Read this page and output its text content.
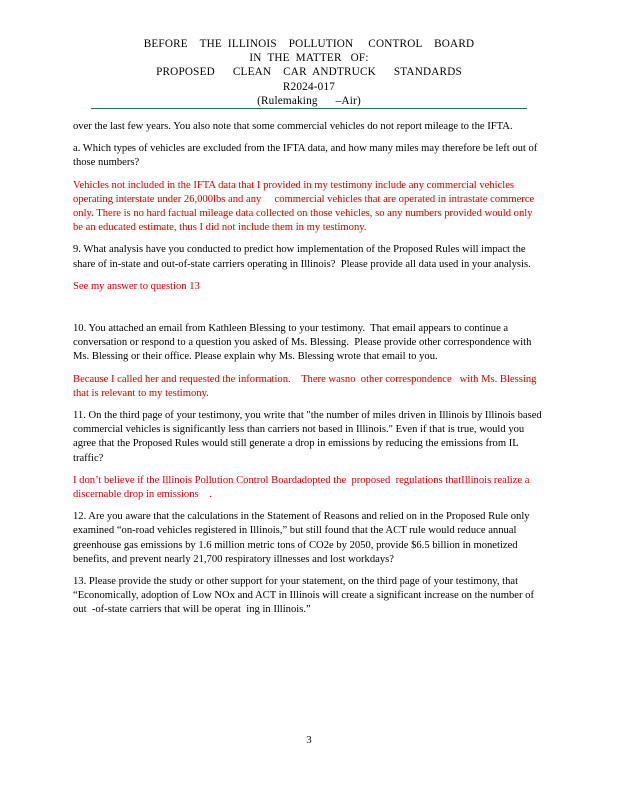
BEFORE    THE  ILLINOIS    POLLUTION     CONTROL    BOARD
IN  THE  MATTER   OF:
PROPOSED      CLEAN    CAR  ANDTRUCK      STANDARDS
R2024-017
(Rulemaking      –Air)

over the last few years. You also note that some commercial vehicles do not report mileage to the IFTA.

a. Which types of vehicles are excluded from the IFTA data, and how many miles may therefore be left out of those numbers?

Vehicles not included in the IFTA data that I provided in my testimony include any commercial vehicles operating interstate under 26,000lbs and any     commercial vehicles that are operated in intrastate commerce only. There is no hard factual mileage data collected on those vehicles, so any numbers provided would only be an educated estimate, thus I did not include them in my testimony.

9. What analysis have you conducted to predict how implementation of the Proposed Rules will impact the share of in-state and out-of-state carriers operating in Illinois?  Please provide all data used in your analysis.

See my answer to question 13

10. You attached an email from Kathleen Blessing to your testimony.  That email appears to continue a conversation or respond to a question you asked of Ms. Blessing.  Please provide other correspondence with Ms. Blessing or their office. Please explain why Ms. Blessing wrote that email to you.

Because I called her and requested the information.    There wasno  other correspondence   with Ms. Blessing that is relevant to my testimony.

11. On the third page of your testimony, you write that "the number of miles driven in Illinois by Illinois based commercial vehicles is significantly less than carriers not based in Illinois." Even if that is true, would you agree that the Proposed Rules would still generate a drop in emissions by reducing the emissions from IL traffic?

I don’t believe if the Illinois Pollution Control Boardadopted the  proposed  regulations thatIllinois realize a discernable drop in emissions    .

12. Are you aware that the calculations in the Statement of Reasons and relied on in the Proposed Rule only examined “on-road vehicles registered in Illinois,” but still found that the ACT rule would reduce annual greenhouse gas emissions by 1.6 million metric tons of CO2e by 2050, provide $6.5 billion in monetized benefits, and prevent nearly 21,700 respiratory illnesses and lost workdays?

13. Please provide the study or other support for your statement, on the third page of your testimony, that “Economically, adoption of Low NOx and ACT in Illinois will create a significant increase on the number of out  -of-state carriers that will be operat  ing in Illinois.”

3
